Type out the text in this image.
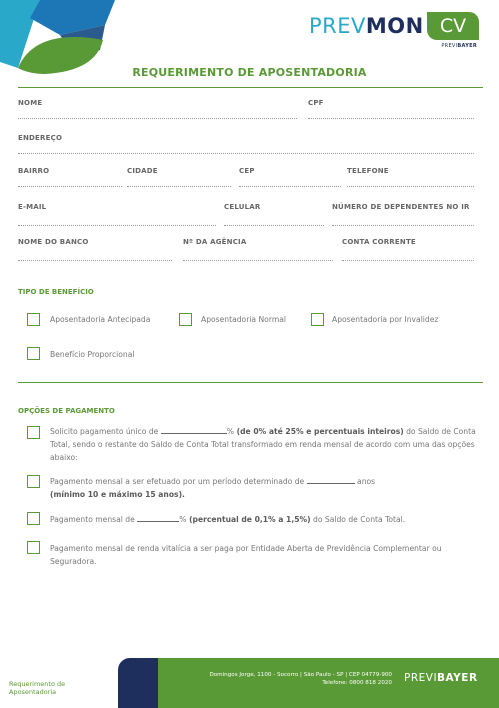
PREVMON CV
PREVIBAYER
REQUERIMENTO DE APOSENTADORIA
NOME	CPF
ENDEREÇO
BAIRRO	CIDADE	CEP	TELEFONE
E-MAIL	CELULAR	NÚMERO DE DEPENDENTES NO IR
NOME DO BANCO	Nº DA AGÊNCIA	CONTA CORRENTE
TIPO DE BENEFÍCIO
Aposentadoria Antecipada	Aposentadoria Normal	Aposentadoria por Invalidez
Benefício Proporcional
OPÇÕES DE PAGAMENTO
Solicito pagamento único de	% (de 0% até 25% e percentuais inteiros) do Saldo de Conta Total, sendo o restante do Saldo de Conta Total transformado em renda mensal de acordo com uma das opções abaixo:
Pagamento mensal a ser efetuado por um período determinado de	anos
(mínimo 10 e máximo 15 anos).
Pagamento mensal de	% (percentual de 0,1% a 1,5%) do Saldo de Conta Total.
Pagamento mensal de renda vitalícia a ser paga por Entidade Aberta de Previdência Complementar ou Seguradora.
Requerimento de
Aposentadoria
Domingos Jorge, 1100 - Socorro | São Paulo - SP | CEP 04779-900
Telefone: 0800 818 2020 PREVIBAYER
